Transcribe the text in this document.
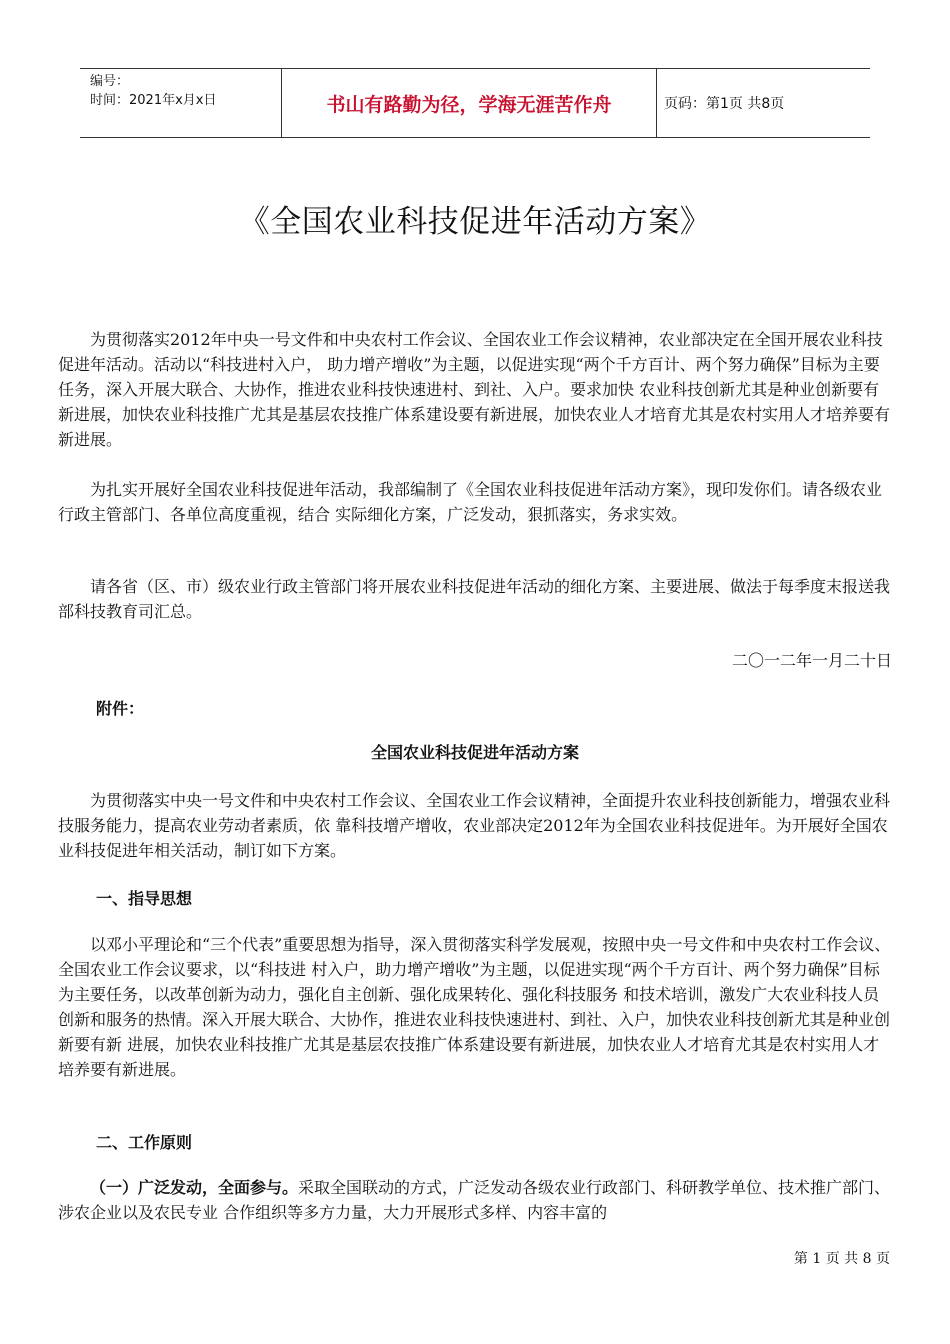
编号：
时间：2021年x月x日	书山有路勤为径，学海无涯苦作舟	页码：第1页 共8页
《全国农业科技促进年活动方案》

为贯彻落实2012年中央一号文件和中央农村工作会议、全国农业工作会议精神，农业部决定在全国开展农业科技促进年活动。活动以“科技进村入户， 助力增产增收”为主题，以促进实现“两个千方百计、两个努力确保”目标为主要任务，深入开展大联合、大协作，推进农业科技快速进村、到社、入户。要求加快 农业科技创新尤其是种业创新要有新进展，加快农业科技推广尤其是基层农技推广体系建设要有新进展，加快农业人才培育尤其是农村实用人才培养要有新进展。

为扎实开展好全国农业科技促进年活动，我部编制了《全国农业科技促进年活动方案》，现印发你们。请各级农业行政主管部门、各单位高度重视，结合 实际细化方案，广泛发动，狠抓落实，务求实效。

请各省（区、市）级农业行政主管部门将开展农业科技促进年活动的细化方案、主要进展、做法于每季度末报送我部科技教育司汇总。

二〇一二年一月二十日
附件：
全国农业科技促进年活动方案

为贯彻落实中央一号文件和中央农村工作会议、全国农业工作会议精神，全面提升农业科技创新能力，增强农业科技服务能力，提高农业劳动者素质，依 靠科技增产增收，农业部决定2012年为全国农业科技促进年。为开展好全国农业科技促进年相关活动，制订如下方案。

一、指导思想

以邓小平理论和“三个代表”重要思想为指导，深入贯彻落实科学发展观，按照中央一号文件和中央农村工作会议、全国农业工作会议要求，以“科技进 村入户，助力增产增收”为主题，以促进实现“两个千方百计、两个努力确保”目标为主要任务，以改革创新为动力，强化自主创新、强化成果转化、强化科技服务 和技术培训，激发广大农业科技人员创新和服务的热情。深入开展大联合、大协作，推进农业科技快速进村、到社、入户，加快农业科技创新尤其是种业创新要有新 进展，加快农业科技推广尤其是基层农技推广体系建设要有新进展，加快农业人才培育尤其是农村实用人才培养要有新进展。

二、工作原则

（一）广泛发动，全面参与。采取全国联动的方式，广泛发动各级农业行政部门、科研教学单位、技术推广部门、涉农企业以及农民专业 合作组织等多方力量，大力开展形式多样、内容丰富的

第 1 页 共 8 页
